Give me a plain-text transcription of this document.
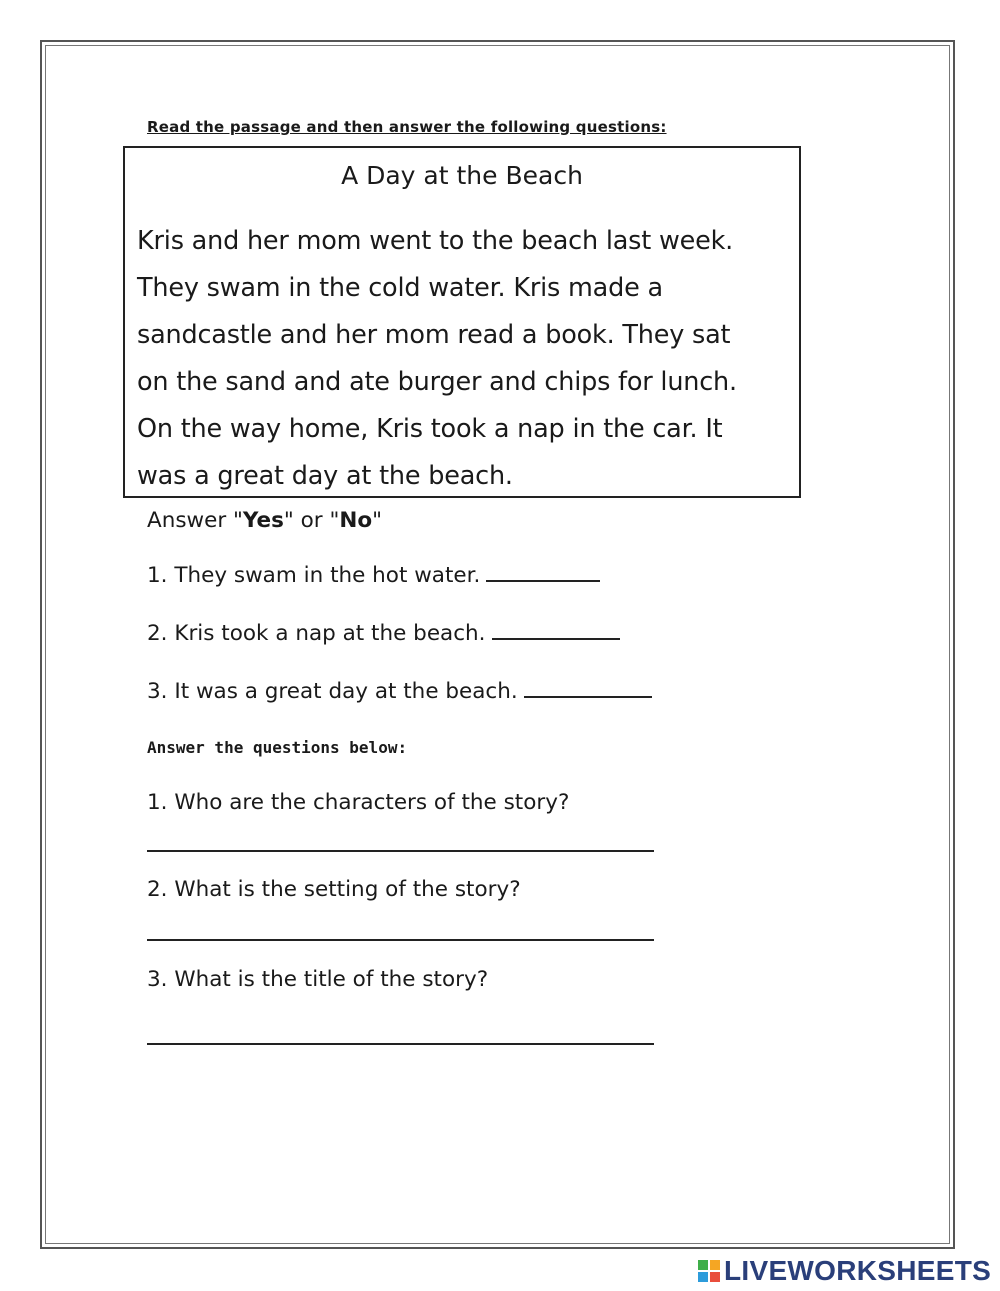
Read the passage and then answer the following questions:
A Day at the Beach
Kris and her mom went to the beach last week.
They swam in the cold water. Kris made a
sandcastle and her mom read a book. They sat
on the sand and ate burger and chips for lunch.
On the way home, Kris took a nap in the car. It
was a great day at the beach.
Answer "Yes" or "No"
1. They swam in the hot water.
2. Kris took a nap at the beach.
3. It was a great day at the beach.
Answer the questions below:
1. Who are the characters of the story?
2. What is the setting of the story?
3. What is the title of the story?
LIVEWORKSHEETS
